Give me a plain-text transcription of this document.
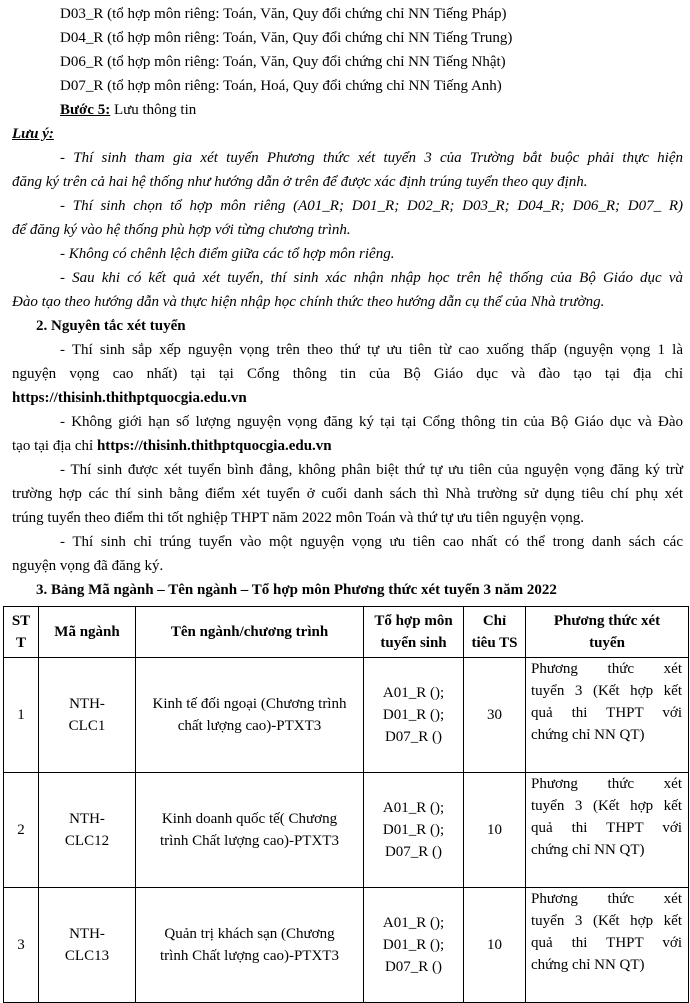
D03_R (tổ hợp môn riêng: Toán, Văn, Quy đổi chứng chỉ NN Tiếng Pháp)
D04_R (tổ hợp môn riêng: Toán, Văn, Quy đổi chứng chỉ NN Tiếng Trung)
D06_R (tổ hợp môn riêng: Toán, Văn, Quy đổi chứng chỉ NN Tiếng Nhật)
D07_R (tổ hợp môn riêng: Toán, Hoá, Quy đổi chứng chỉ NN Tiếng Anh)
Bước 5: Lưu thông tin
Lưu ý:
- Thí sinh tham gia xét tuyển Phương thức xét tuyển 3 của Trường bắt buộc phải thực hiện
đăng ký trên cả hai hệ thống như hướng dẫn ở trên để được xác định trúng tuyển theo quy định.
- Thí sinh chọn tổ hợp môn riêng (A01_R; D01_R; D02_R; D03_R; D04_R; D06_R; D07_ R)
để đăng ký vào hệ thống phù hợp với từng chương trình.
- Không có chênh lệch điểm giữa các tổ hợp môn riêng.
- Sau khi có kết quả xét tuyển, thí sinh xác nhận nhập học trên hệ thống của Bộ Giáo dục và
Đào tạo theo hướng dẫn và thực hiện nhập học chính thức theo hướng dẫn cụ thể của Nhà trường.
2. Nguyên tắc xét tuyển
- Thí sinh sắp xếp nguyện vọng trên theo thứ tự ưu tiên từ cao xuống thấp (nguyện vọng 1 là
nguyện vọng cao nhất) tại tại Cổng thông tin của Bộ Giáo dục và đào tạo tại địa chỉ
https://thisinh.thithptquocgia.edu.vn
- Không giới hạn số lượng nguyện vọng đăng ký tại tại Cổng thông tin của Bộ Giáo dục và Đào
tạo tại địa chỉ https://thisinh.thithptquocgia.edu.vn
- Thí sinh được xét tuyển bình đẳng, không phân biệt thứ tự ưu tiên của nguyện vọng đăng ký trừ
trường hợp các thí sinh bằng điểm xét tuyển ở cuối danh sách thì Nhà trường sử dụng tiêu chí phụ xét
trúng tuyển theo điểm thi tốt nghiệp THPT năm 2022 môn Toán và thứ tự ưu tiên nguyện vọng.
- Thí sinh chỉ trúng tuyển vào một nguyện vọng ưu tiên cao nhất có thể trong danh sách các
nguyện vọng đã đăng ký.
3. Bảng Mã ngành – Tên ngành – Tổ hợp môn Phương thức xét tuyển 3 năm 2022
ST
T	Mã ngành	Tên ngành/chương trình	Tổ hợp môn
tuyển sinh	Chỉ
tiêu TS	Phương thức xét
tuyển
1	NTH-
CLC1	Kinh tế đối ngoại (Chương trình
chất lượng cao)-PTXT3	A01_R ();
D01_R ();
D07_R ()	30	Phương thức xét
tuyển 3 (Kết hợp kết
quả thi THPT với
chứng chỉ NN QT)

2	NTH-
CLC12	Kinh doanh quốc tế( Chương
trình Chất lượng cao)-PTXT3	A01_R ();
D01_R ();
D07_R ()	10	Phương thức xét
tuyển 3 (Kết hợp kết
quả thi THPT với
chứng chỉ NN QT)

3	NTH-
CLC13	Quản trị khách sạn (Chương
trình Chất lượng cao)-PTXT3	A01_R ();
D01_R ();
D07_R ()	10	Phương thức xét
tuyển 3 (Kết hợp kết
quả thi THPT với
chứng chỉ NN QT)
